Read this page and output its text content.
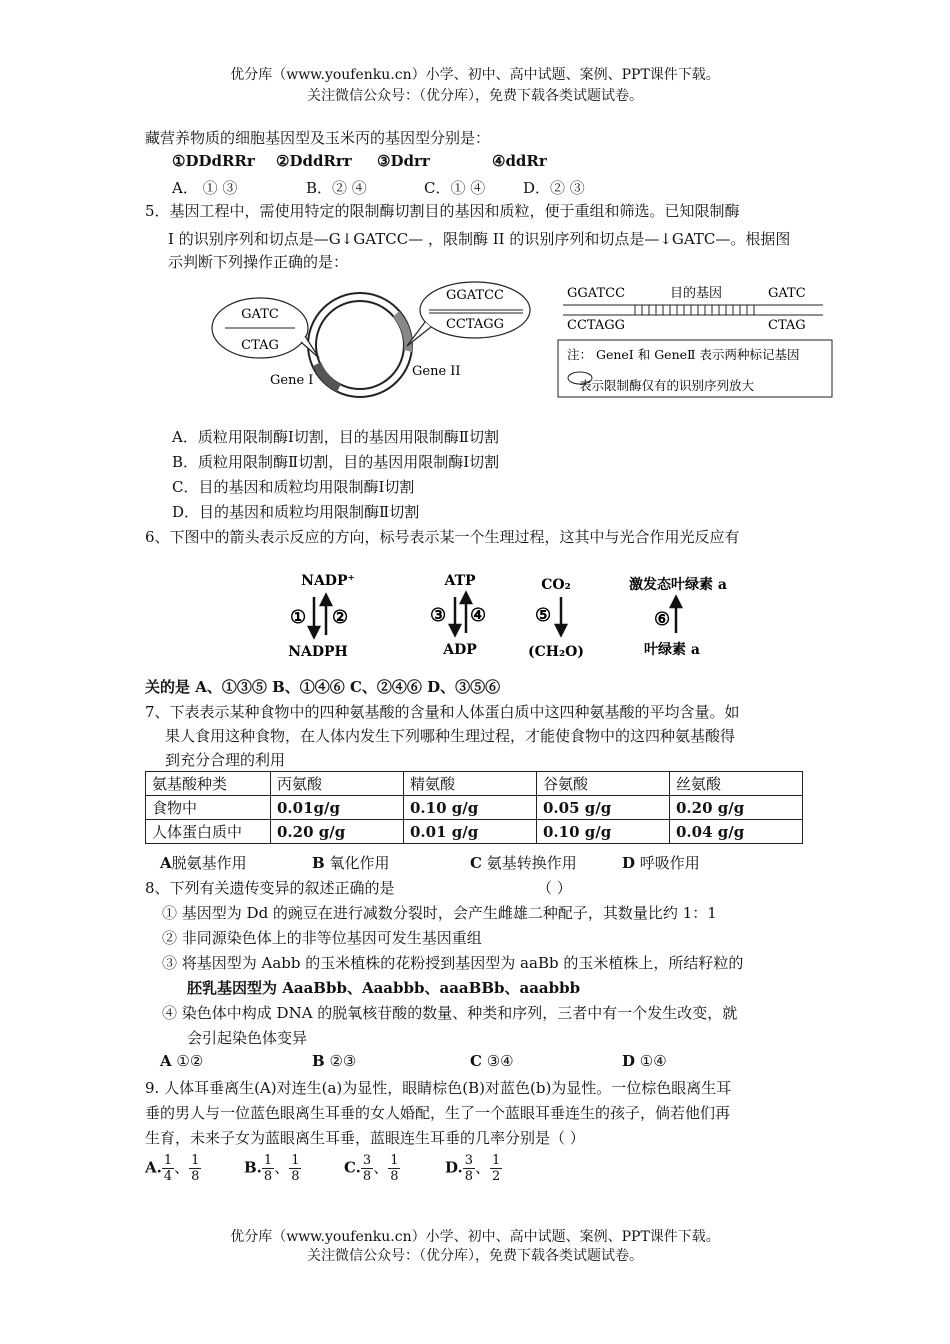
优分库（www.youfenku.cn）小学、初中、高中试题、案例、PPT课件下载。
关注微信公众号：（优分库），免费下载各类试题试卷。
藏营养物质的细胞基因型及玉米丙的基因型分别是：
①DDdRRr ②DddRrr ③Ddrr	④ddRr
A． ① ③	B．② ④	C．① ④	D．② ③
5．基因工程中，需使用特定的限制酶切割目的基因和质粒，便于重组和筛选。已知限制酶
I 的识别序列和切点是—G↓GATCC— ，限制酶 II 的识别序列和切点是—↓GATC—。根据图
示判断下列操作正确的是：
GATC
CTAG
GGATCC
CCTAGG
Gene I
Gene II
GGATCC	目的基因	GATC
CCTAGG	CTAG
注： GeneⅠ 和 GeneⅡ 表示两种标记基因
表示限制酶仅有的识别序列放大
A．质粒用限制酶Ⅰ切割，目的基因用限制酶Ⅱ切割
B．质粒用限制酶Ⅱ切割，目的基因用限制酶Ⅰ切割
C．目的基因和质粒均用限制酶Ⅰ切割
D．目的基因和质粒均用限制酶Ⅱ切割
6、下图中的箭头表示反应的方向，标号表示某一个生理过程，这其中与光合作用光反应有
NADP⁺
NADPH
ATP
ADP
CO₂
(CH₂O)
激发态叶绿素 a
叶绿素 a
① ②	③ ④	⑤	⑥
关的是 A、①③⑤ B、①④⑥ C、②④⑥ D、③⑤⑥
7、下表表示某种食物中的四种氨基酸的含量和人体蛋白质中这四种氨基酸的平均含量。如
果人食用这种食物，在人体内发生下列哪种生理过程，才能使食物中的这四种氨基酸得
到充分合理的利用
氨基酸种类	丙氨酸	精氨酸	谷氨酸	丝氨酸
食物中	0.01g/g	0.10 g/g	0.05 g/g	0.20 g/g
人体蛋白质中	0.20 g/g	0.01 g/g	0.10 g/g	0.04 g/g
A脱氨基作用	B 氧化作用	C 氨基转换作用	D 呼吸作用
8、下列有关遗传变异的叙述正确的是	（ ）
① 基因型为 Dd 的豌豆在进行减数分裂时，会产生雌雄二种配子，其数量比约 1：1
② 非同源染色体上的非等位基因可发生基因重组
③ 将基因型为 Aabb 的玉米植株的花粉授到基因型为 aaBb 的玉米植株上，所结籽粒的
胚乳基因型为 AaaBbb、Aaabbb、aaaBBb、aaabbb
④ 染色体中构成 DNA 的脱氧核苷酸的数量、种类和序列，三者中有一个发生改变，就
会引起染色体变异
A ①②	B ②③	C ③④	D ①④
9. 人体耳垂离生(A)对连生(a)为显性，眼睛棕色(B)对蓝色(b)为显性。一位棕色眼离生耳
垂的男人与一位蓝色眼离生耳垂的女人婚配，生了一个蓝眼耳垂连生的孩子，倘若他们再
生育，未来子女为蓝眼离生耳垂，蓝眼连生耳垂的几率分别是（ ）
A. $\frac{1}{4}$ 、 $\frac{1}{8}$	B. $\frac{1}{8}$ 、 $\frac{1}{8}$	C. $\frac{3}{8}$ 、 $\frac{1}{8}$	D. $\frac{3}{8}$ 、 $\frac{1}{2}$
优分库（www.youfenku.cn）小学、初中、高中试题、案例、PPT课件下载。
关注微信公众号：（优分库），免费下载各类试题试卷。
